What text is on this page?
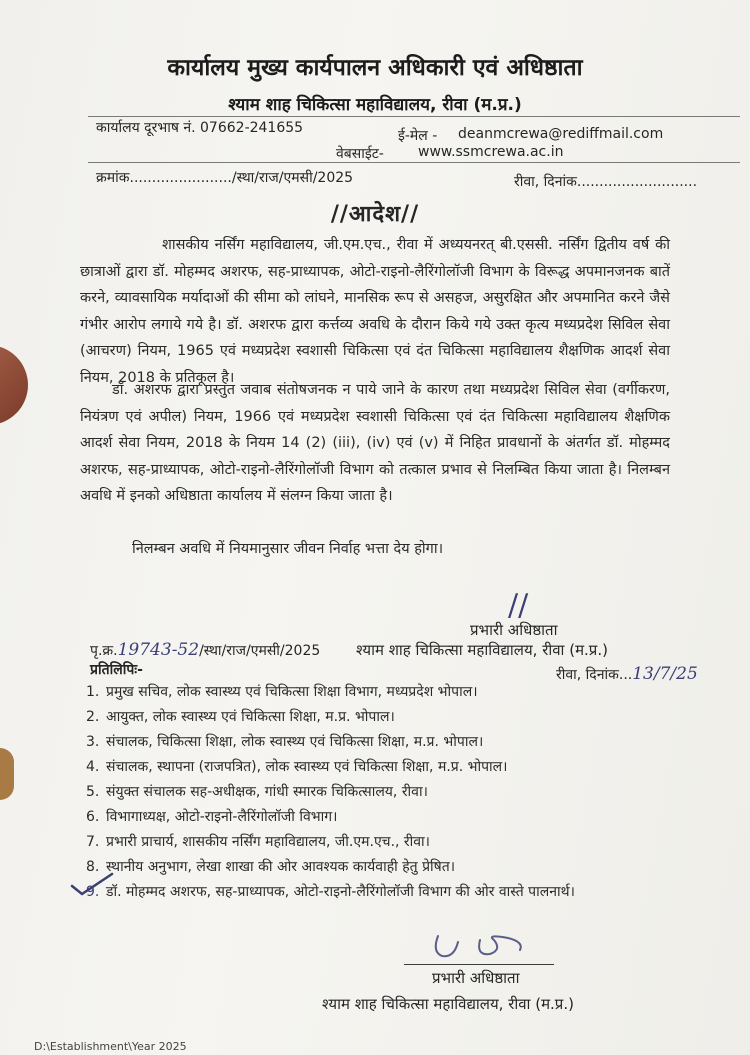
कार्यालय मुख्य कार्यपालन अधिकारी एवं अधिष्ठाता
श्याम शाह चिकित्सा महाविद्यालय, रीवा (म.प्र.)
कार्यालय दूरभाष नं. 07662-241655	ई-मेल - deanmcrewa@rediffmail.com
वेबसाईट- www.ssmcrewa.ac.in
क्रमांक......................./स्था/राज/एमसी/2025	रीवा, दिनांक...........................
//आदेश//
शासकीय नर्सिंग महाविद्यालय, जी.एम.एच., रीवा में अध्ययनरत् बी.एससी. नर्सिंग द्वितीय वर्ष की छात्राओं द्वारा डॉ. मोहम्मद अशरफ, सह-प्राध्यापक, ओटो-राइनो-लैरिंगोलॉजी विभाग के विरूद्ध अपमानजनक बातें करने, व्यावसायिक मर्यादाओं की सीमा को लांघने, मानसिक रूप से असहज, असुरक्षित और अपमानित करने जैसे गंभीर आरोप लगाये गये है। डॉ. अशरफ द्वारा कर्त्तव्य अवधि के दौरान किये गये उक्त कृत्य मध्यप्रदेश सिविल सेवा (आचरण) नियम, 1965 एवं मध्यप्रदेश स्वशासी चिकित्सा एवं दंत चिकित्सा महाविद्यालय शैक्षणिक आदर्श सेवा नियम, 2018 के प्रतिकूल है।
डॉ. अशरफ द्वारा प्रस्तुत जवाब संतोषजनक न पाये जाने के कारण तथा मध्यप्रदेश सिविल सेवा (वर्गीकरण, नियंत्रण एवं अपील) नियम, 1966 एवं मध्यप्रदेश स्वशासी चिकित्सा एवं दंत चिकित्सा महाविद्यालय शैक्षणिक आदर्श सेवा नियम, 2018 के नियम 14 (2) (iii), (iv) एवं (v) में निहित प्रावधानों के अंतर्गत डॉ. मोहम्मद अशरफ, सह-प्राध्यापक, ओटो-राइनो-लैरिंगोलॉजी विभाग को तत्काल प्रभाव से निलम्बित किया जाता है। निलम्बन अवधि में इनको अधिष्ठाता कार्यालय में संलग्न किया जाता है।
निलम्बन अवधि में नियमानुसार जीवन निर्वाह भत्ता देय होगा।
//
प्रभारी अधिष्ठाता
श्याम शाह चिकित्सा महाविद्यालय, रीवा (म.प्र.)
पृ.क्र.19743-52/स्था/राज/एमसी/2025
प्रतिलिपिः-	रीवा, दिनांक...13/7/25
1. प्रमुख सचिव, लोक स्वास्थ्य एवं चिकित्सा शिक्षा विभाग, मध्यप्रदेश भोपाल।
2. आयुक्त, लोक स्वास्थ्य एवं चिकित्सा शिक्षा, म.प्र. भोपाल।
3. संचालक, चिकित्सा शिक्षा, लोक स्वास्थ्य एवं चिकित्सा शिक्षा, म.प्र. भोपाल।
4. संचालक, स्थापना (राजपत्रित), लोक स्वास्थ्य एवं चिकित्सा शिक्षा, म.प्र. भोपाल।
5. संयुक्त संचालक सह-अधीक्षक, गांधी स्मारक चिकित्सालय, रीवा।
6. विभागाध्यक्ष, ओटो-राइनो-लैरिंगोलॉजी विभाग।
7. प्रभारी प्राचार्य, शासकीय नर्सिंग महाविद्यालय, जी.एम.एच., रीवा।
8. स्थानीय अनुभाग, लेखा शाखा की ओर आवश्यक कार्यवाही हेतु प्रेषित।
9. डॉ. मोहम्मद अशरफ, सह-प्राध्यापक, ओटो-राइनो-लैरिंगोलॉजी विभाग की ओर वास्ते पालनार्थ।
प्रभारी अधिष्ठाता
श्याम शाह चिकित्सा महाविद्यालय, रीवा (म.प्र.)
D:\Establishment\Year 2025
